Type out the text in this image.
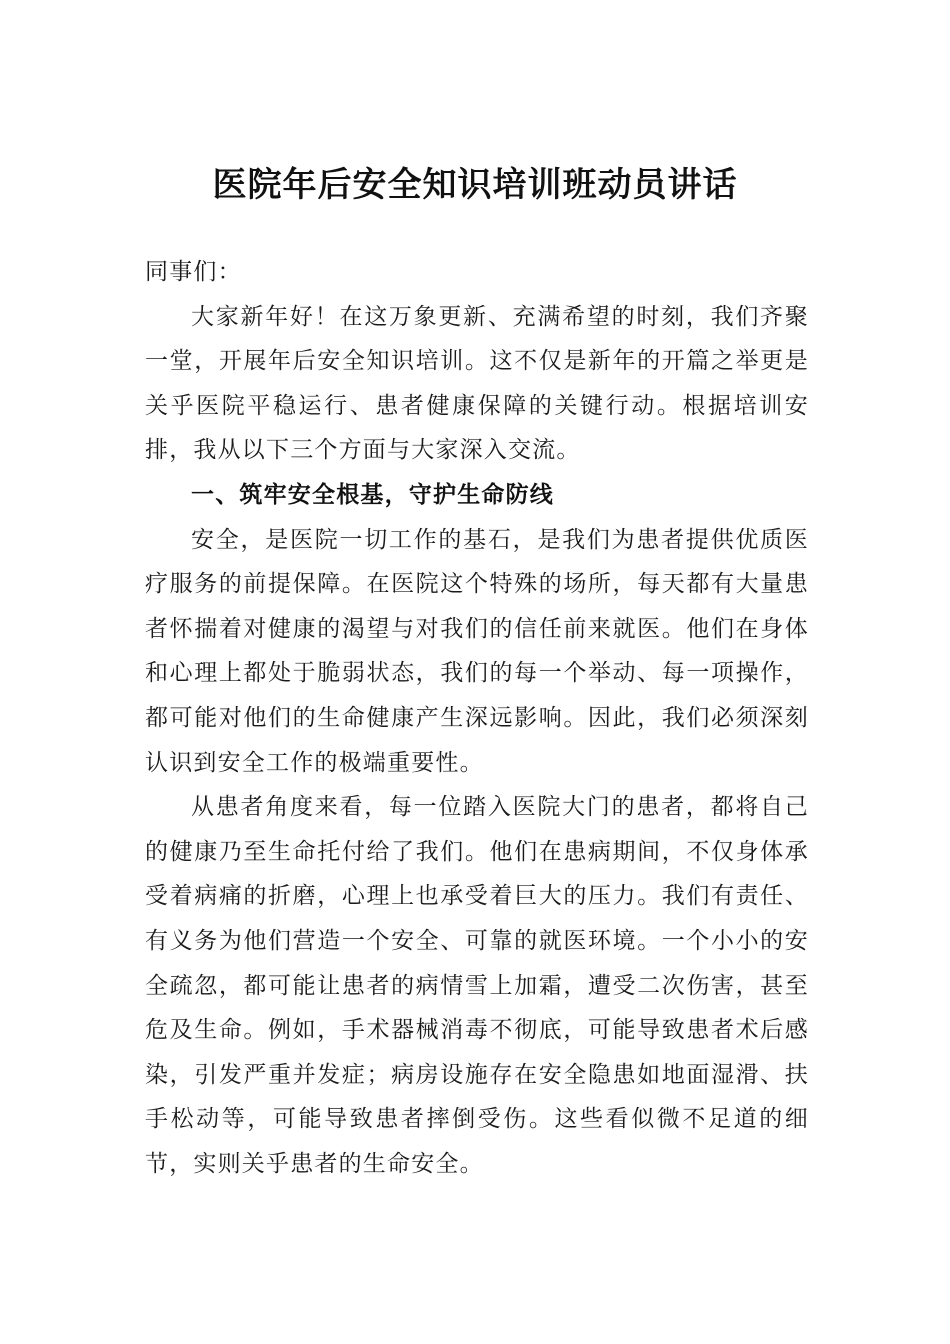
医院年后安全知识培训班动员讲话

同事们：

大家新年好！在这万象更新、充满希望的时刻，我们齐聚一堂，开展年后安全知识培训。这不仅是新年的开篇之举更是关乎医院平稳运行、患者健康保障的关键行动。根据培训安排，我从以下三个方面与大家深入交流。

一、筑牢安全根基，守护生命防线

安全，是医院一切工作的基石，是我们为患者提供优质医疗服务的前提保障。在医院这个特殊的场所，每天都有大量患者怀揣着对健康的渴望与对我们的信任前来就医。他们在身体和心理上都处于脆弱状态，我们的每一个举动、每一项操作，都可能对他们的生命健康产生深远影响。因此，我们必须深刻认识到安全工作的极端重要性。

从患者角度来看，每一位踏入医院大门的患者，都将自己的健康乃至生命托付给了我们。他们在患病期间，不仅身体承受着病痛的折磨，心理上也承受着巨大的压力。我们有责任、有义务为他们营造一个安全、可靠的就医环境。一个小小的安全疏忽，都可能让患者的病情雪上加霜，遭受二次伤害，甚至危及生命。例如，手术器械消毒不彻底，可能导致患者术后感染，引发严重并发症；病房设施存在安全隐患如地面湿滑、扶手松动等，可能导致患者摔倒受伤。这些看似微不足道的细节，实则关乎患者的生命安全。
